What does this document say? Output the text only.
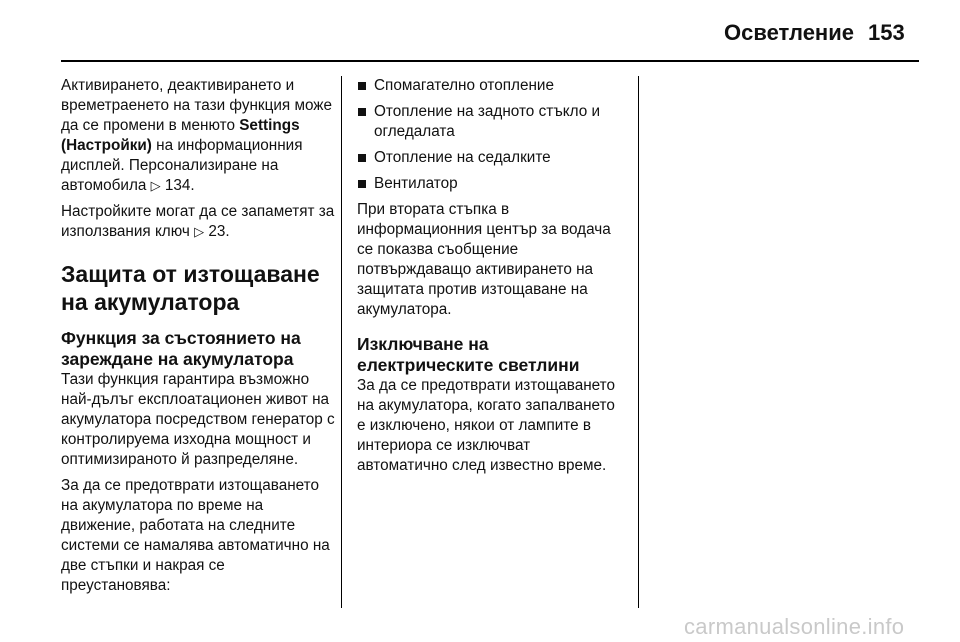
Осветление 153

Активирането, деактивирането и времетраенето на тази функция може да се промени в менюто Settings (Настройки) на информационния дисплей. Персонализиране на автомобила ▷ 134.

Настройките могат да се запаметят за използвания ключ ▷ 23.

Защита от изтощаване на акумулатора
Функция за състоянието на зареждане на акумулатора

Тази функция гарантира възможно най-дълъг експлоатационен живот на акумулатора посредством генератор с контролируема изходна мощност и оптимизираното й разпределяне.

За да се предотврати изтощаването на акумулатора по време на движение, работата на следните системи се намалява автоматично на две стъпки и накрая се преустановява:

Спомагателно отопление
Отопление на задното стъкло и огледалата
Отопление на седалките
Вентилатор

При втората стъпка в информационния център за водача се показва съобщение потвърждаващо активирането на защитата против изтощаване на акумулатора.

Изключване на електрическите светлини

За да се предотврати изтощаването на акумулатора, когато запалването е изключено, някои от лампите в интериора се изключват автоматично след известно време.

carmanualsonline.info
